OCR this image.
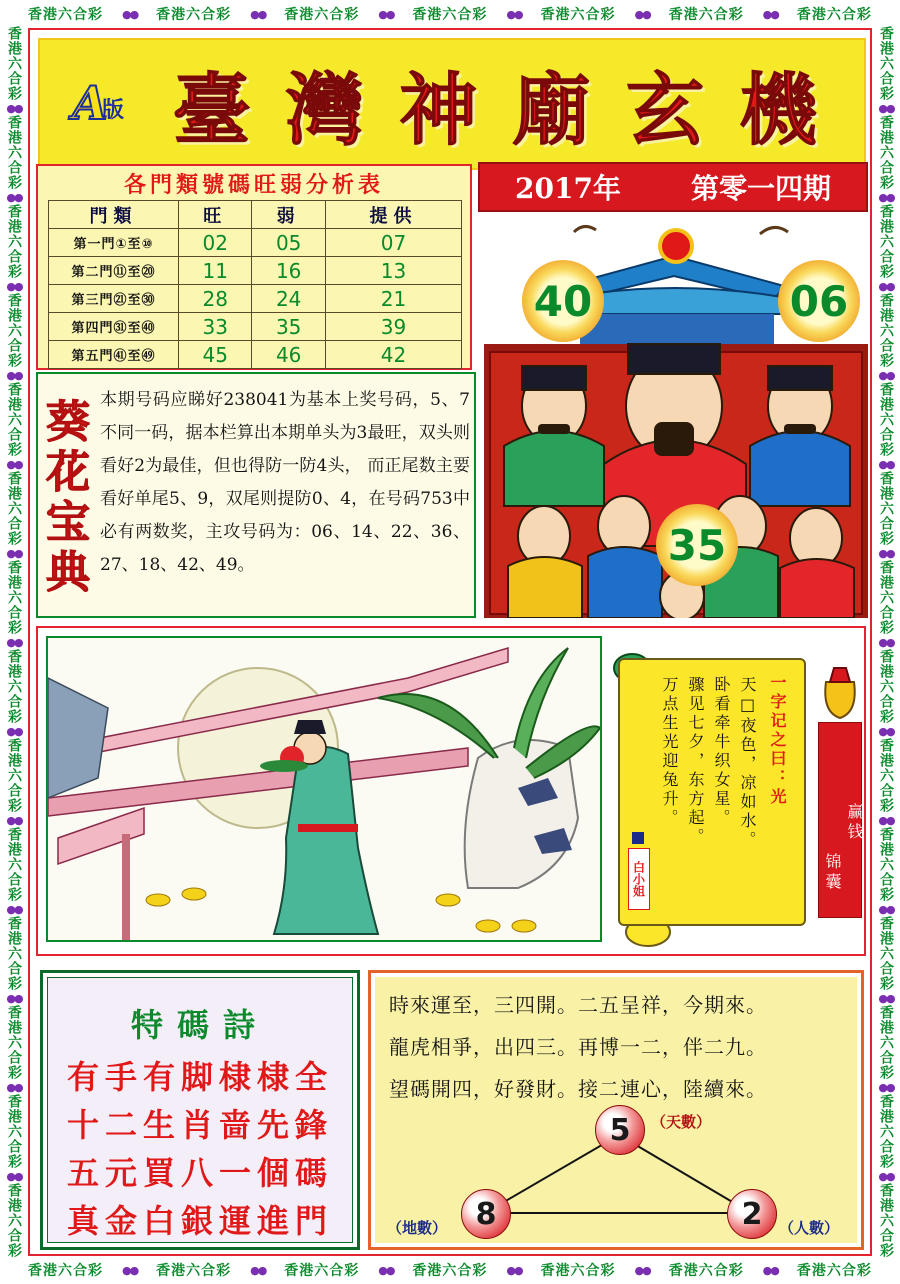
香港六合彩 ●● 香港六合彩 ●● 香港六合彩 ●● 香港六合彩 ●● 香港六合彩 ●● 香港六合彩 ●● 香港六合彩
香港六合彩 ●● 香港六合彩 ●● 香港六合彩 ●● 香港六合彩 ●● 香港六合彩 ●● 香港六合彩 ●● 香港六合彩
香港六合彩
●●
香港六合彩
●●
香港六合彩
●●
香港六合彩
●●
香港六合彩
●●
香港六合彩
●●
香港六合彩
●●
香港六合彩
●●
香港六合彩
●●
香港六合彩
●●
香港六合彩
●●
香港六合彩
●●
香港六合彩
●●
香港六合彩
香港六合彩
●●
香港六合彩
●●
香港六合彩
●●
香港六合彩
●●
香港六合彩
●●
香港六合彩
●●
香港六合彩
●●
香港六合彩
●●
香港六合彩
●●
香港六合彩
●●
香港六合彩
●●
香港六合彩
●●
香港六合彩
●●
香港六合彩
A
版 臺 灣 神 廟 玄 機
各門類號碼旺弱分析表
門類	旺	弱	提供
第一門①至⑩	02	05	07
第二門⑪至⑳	11	16	13
第三門㉑至㉚	28	24	21
第四門㉛至㊵	33	35	39
第五門㊶至㊾	45	46	42
2017年	第零一四期
40	06
35
葵
花
宝
典
本期号码应睇好238041为基本上奖号码，5、7不同一码，据本栏算出本期单头为3最旺，双头则看好2为最佳，但也得防一防4头， 而正尾数主要看好单尾5、9，双尾则提防0、4，在号码753中必有两数奖，主攻号码为：06、14、22、36、27、18、42、49。
一字记之曰：光
天□夜色，凉如水。
卧看牵牛织女星。
骤见七夕，东方起。
万点生光迎兔升。
白小姐
赢钱
锦囊
特碼詩
有手有脚棣棣全
十二生肖啬先鋒
五元買八一個碼
真金白銀運進門
時來運至，三四開。二五呈祥，今期來。
龍虎相爭，出四三。再博一二，伴二九。
望碼開四，好發財。接二連心，陸續來。
5	（天數）
8
（地數）	2	（人數）
